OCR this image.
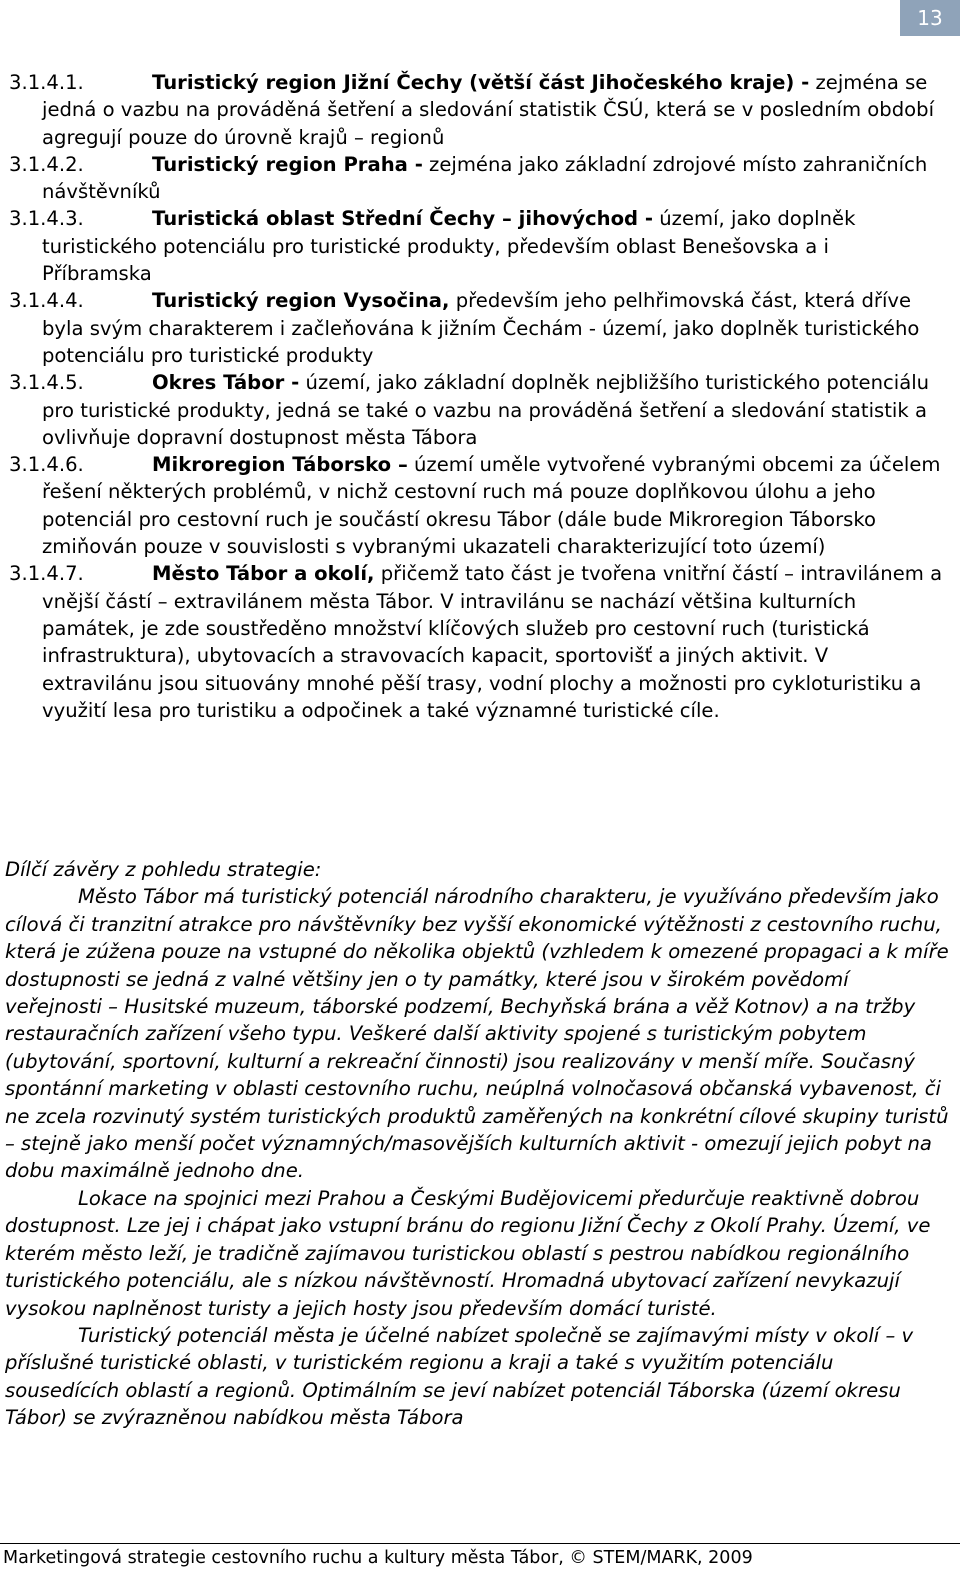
13
3.1.4.1.	Turistický region Jižní Čechy (větší část Jihočeského kraje) - zejména se jedná o vazbu na prováděná šetření a sledování statistik ČSÚ, která se v posledním období agregují pouze do úrovně krajů – regionů
3.1.4.2.	Turistický region Praha - zejména jako základní zdrojové místo zahraničních návštěvníků
3.1.4.3.	Turistická oblast Střední Čechy – jihovýchod - území, jako doplněk turistického potenciálu pro turistické produkty, především oblast Benešovska a i Příbramska
3.1.4.4.	Turistický region Vysočina, především jeho pelhřimovská část, která dříve byla svým charakterem i začleňována k jižním Čechám - území, jako doplněk turistického potenciálu pro turistické produkty
3.1.4.5.	Okres Tábor - území, jako základní doplněk nejbližšího turistického potenciálu pro turistické produkty, jedná se také o vazbu na prováděná šetření a sledování statistik a ovlivňuje dopravní dostupnost města Tábora
3.1.4.6.	Mikroregion Táborsko – území uměle vytvořené vybranými obcemi za účelem řešení některých problémů, v nichž cestovní ruch má pouze doplňkovou úlohu a jeho potenciál pro cestovní ruch je součástí okresu Tábor (dále bude Mikroregion Táborsko zmiňován pouze v souvislosti s vybranými ukazateli charakterizující toto území)
3.1.4.7.	Město Tábor a okolí, přičemž tato část je tvořena vnitřní částí – intravilánem a vnější částí – extravilánem města Tábor. V intravilánu se nachází většina kulturních památek, je zde soustředěno množství klíčových služeb pro cestovní ruch (turistická infrastruktura), ubytovacích a stravovacích kapacit, sportovišť a jiných aktivit. V extravilánu jsou situovány mnohé pěší trasy, vodní plochy a možnosti pro cykloturistiku a využití lesa pro turistiku a odpočinek a také významné turistické cíle.

Dílčí závěry z pohledu strategie:

Město Tábor má turistický potenciál národního charakteru, je využíváno především jako cílová či tranzitní atrakce pro návštěvníky bez vyšší ekonomické výtěžnosti z cestovního ruchu, která je zúžena pouze na vstupné do několika objektů (vzhledem k omezené propagaci a k míře dostupnosti se jedná z valné většiny jen o ty památky, které jsou v širokém povědomí veřejnosti – Husitské muzeum, táborské podzemí, Bechyňská brána a věž Kotnov) a na tržby restauračních zařízení všeho typu. Veškeré další aktivity spojené s turistickým pobytem (ubytování, sportovní, kulturní a rekreační činnosti) jsou realizovány v menší míře. Současný spontánní marketing v oblasti cestovního ruchu, neúplná volnočasová občanská vybavenost, či ne zcela rozvinutý systém turistických produktů zaměřených na konkrétní cílové skupiny turistů – stejně jako menší počet významných/masovějších kulturních aktivit - omezují jejich pobyt na dobu maximálně jednoho dne.

Lokace na spojnici mezi Prahou a Českými Budějovicemi předurčuje reaktivně dobrou dostupnost. Lze jej i chápat jako vstupní bránu do regionu Jižní Čechy z Okolí Prahy. Území, ve kterém město leží, je tradičně zajímavou turistickou oblastí s pestrou nabídkou regionálního turistického potenciálu, ale s nízkou návštěvností. Hromadná ubytovací zařízení nevykazují vysokou naplněnost turisty a jejich hosty jsou především domácí turisté.

Turistický potenciál města je účelné nabízet společně se zajímavými místy v okolí – v příslušné turistické oblasti, v turistickém regionu a kraji a také s využitím potenciálu sousedících oblastí a regionů. Optimálním se jeví nabízet potenciál Táborska (území okresu Tábor) se zvýrazněnou nabídkou města Tábora

Marketingová strategie cestovního ruchu a kultury města Tábor, © STEM/MARK, 2009
